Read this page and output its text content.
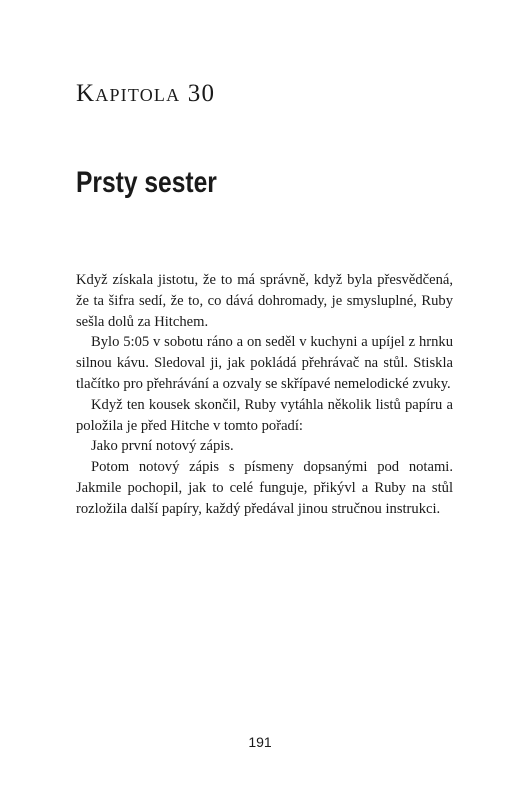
Kapitola 30
Prsty sester

Když získala jistotu, že to má správně, když byla přesvědčená, že ta šifra sedí, že to, co dává dohromady, je smysluplné, Ruby sešla dolů za Hitchem.

Bylo 5:05 v sobotu ráno a on seděl v kuchyni a upíjel z hrnku silnou kávu. Sledoval ji, jak pokládá přehrávač na stůl. Stiskla tlačítko pro přehrávání a ozvaly se skřípavé nemelodické zvuky.

Když ten kousek skončil, Ruby vytáhla několik listů papíru a položila je před Hitche v tomto pořadí:

Jako první notový zápis.

Potom notový zápis s písmeny dopsanými pod notami. Jakmile pochopil, jak to celé funguje, přikývl a Ruby na stůl rozložila další papíry, každý předával jinou stručnou instrukci.

191
